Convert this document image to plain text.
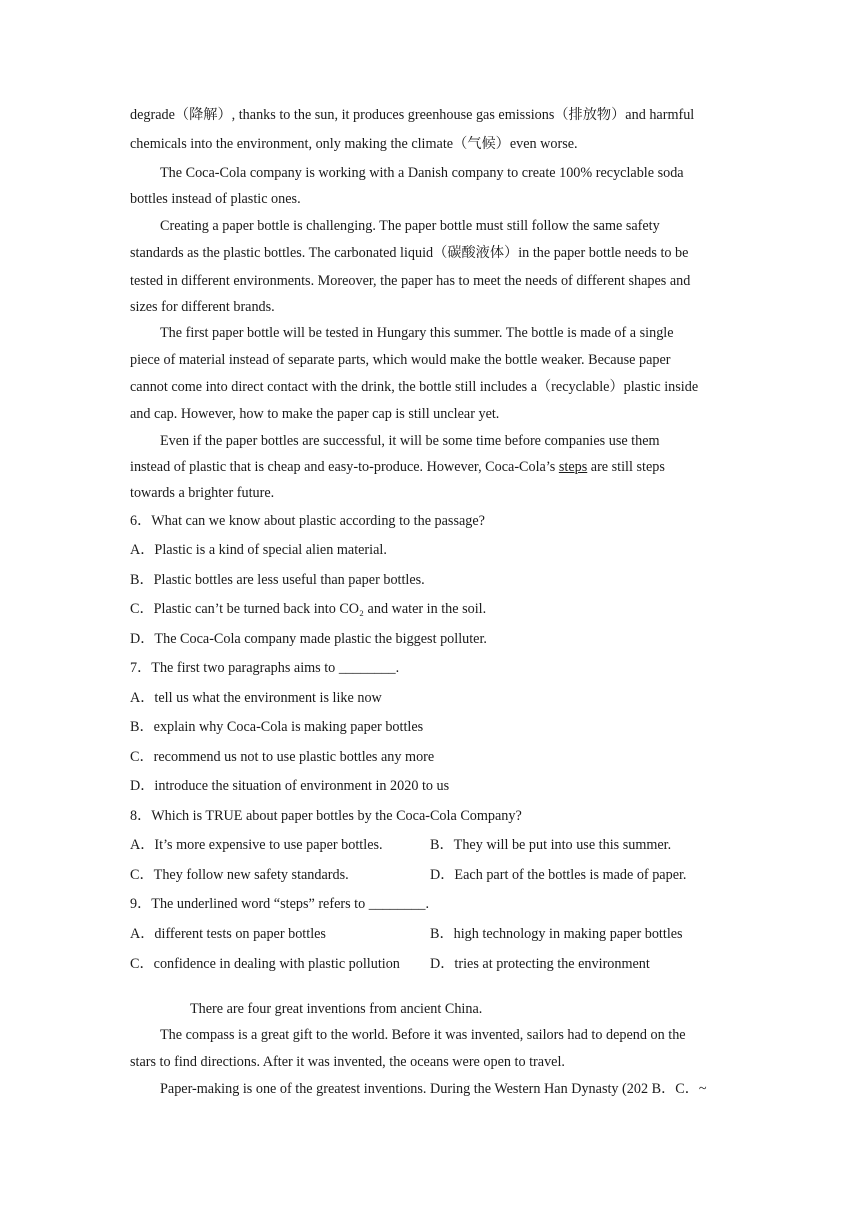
degrade（降解）, thanks to the sun, it produces greenhouse gas emissions（排放物）and harmful
chemicals into the environment, only making the climate（气候）even worse.
The Coca-Cola company is working with a Danish company to create 100% recyclable soda
bottles instead of plastic ones.
Creating a paper bottle is challenging. The paper bottle must still follow the same safety
standards as the plastic bottles. The carbonated liquid（碳酸液体）in the paper bottle needs to be
tested in different environments. Moreover, the paper has to meet the needs of different shapes and
sizes for different brands.
The first paper bottle will be tested in Hungary this summer. The bottle is made of a single
piece of material instead of separate parts, which would make the bottle weaker. Because paper
cannot come into direct contact with the drink, the bottle still includes a（recyclable）plastic inside
and cap. However, how to make the paper cap is still unclear yet.
Even if the paper bottles are successful, it will be some time before companies use them
instead of plastic that is cheap and easy-to-produce. However, Coca-Cola’s steps are still steps
towards a brighter future.
6．What can we know about plastic according to the passage?
A．Plastic is a kind of special alien material.
B．Plastic bottles are less useful than paper bottles.
C．Plastic can’t be turned back into CO₂ and water in the soil.
D．The Coca-Cola company made plastic the biggest polluter.
7．The first two paragraphs aims to ________.
A．tell us what the environment is like now
B．explain why Coca-Cola is making paper bottles
C．recommend us not to use plastic bottles any more
D．introduce the situation of environment in 2020 to us
8．Which is TRUE about paper bottles by the Coca-Cola Company?
A．It’s more expensive to use paper bottles.	B．They will be put into use this summer.
C．They follow new safety standards.	D．Each part of the bottles is made of paper.
9．The underlined word “steps” refers to ________.
A．different tests on paper bottles	B．high technology in making paper bottles
C．confidence in dealing with plastic pollution D．tries at protecting the environment
There are four great inventions from ancient China.
The compass is a great gift to the world. Before it was invented, sailors had to depend on the
stars to find directions. After it was invented, the oceans were open to travel.
Paper-making is one of the greatest inventions. During the Western Han Dynasty (202 B．C．~
